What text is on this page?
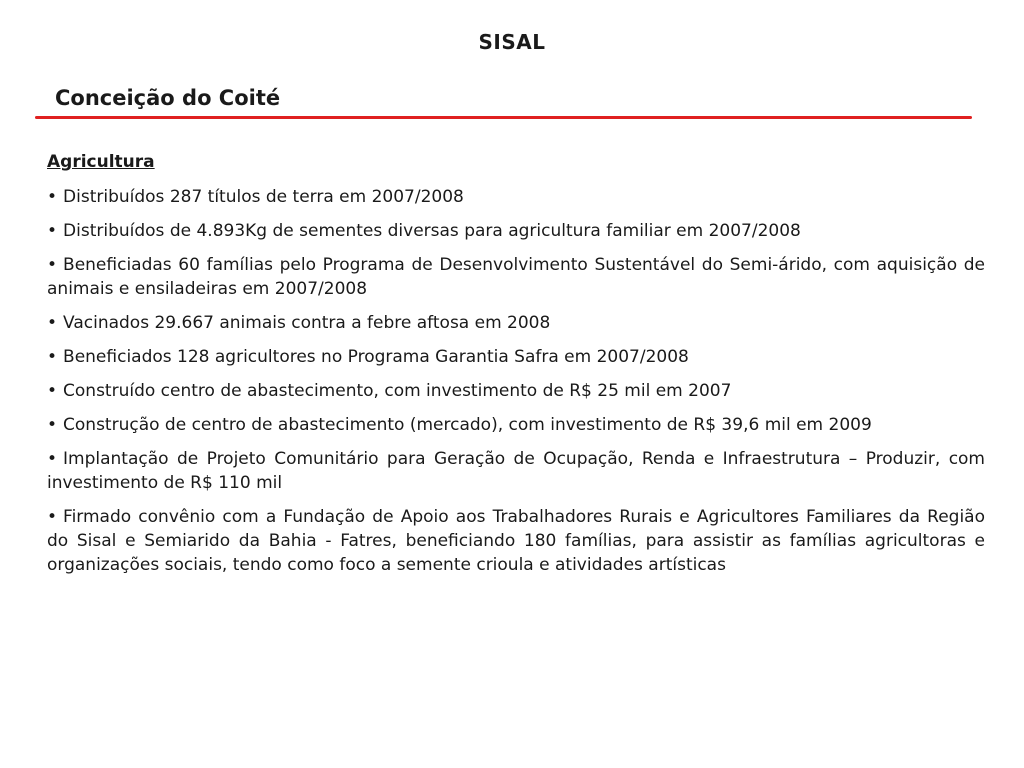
SISAL
Conceição do Coité
Agricultura
• Distribuídos 287 títulos de terra em 2007/2008
• Distribuídos de 4.893Kg de sementes diversas para agricultura familiar em 2007/2008
• Beneficiadas 60 famílias pelo Programa de Desenvolvimento Sustentável do Semi-árido, com aquisição de animais e ensiladeiras em 2007/2008
• Vacinados 29.667 animais contra a febre aftosa em 2008
• Beneficiados 128 agricultores no Programa Garantia Safra em 2007/2008
• Construído centro de abastecimento, com investimento de R$ 25 mil em 2007
• Construção de centro de abastecimento (mercado), com investimento de R$ 39,6 mil em 2009
• Implantação de Projeto Comunitário para Geração de Ocupação, Renda e Infraestrutura – Produzir, com investimento de R$ 110 mil
• Firmado convênio com a Fundação de Apoio aos Trabalhadores Rurais e Agricultores Familiares da Região do Sisal e Semiarido da Bahia - Fatres, beneficiando 180 famílias, para assistir as famílias agricultoras e organizações sociais, tendo como foco a semente crioula e atividades artísticas
